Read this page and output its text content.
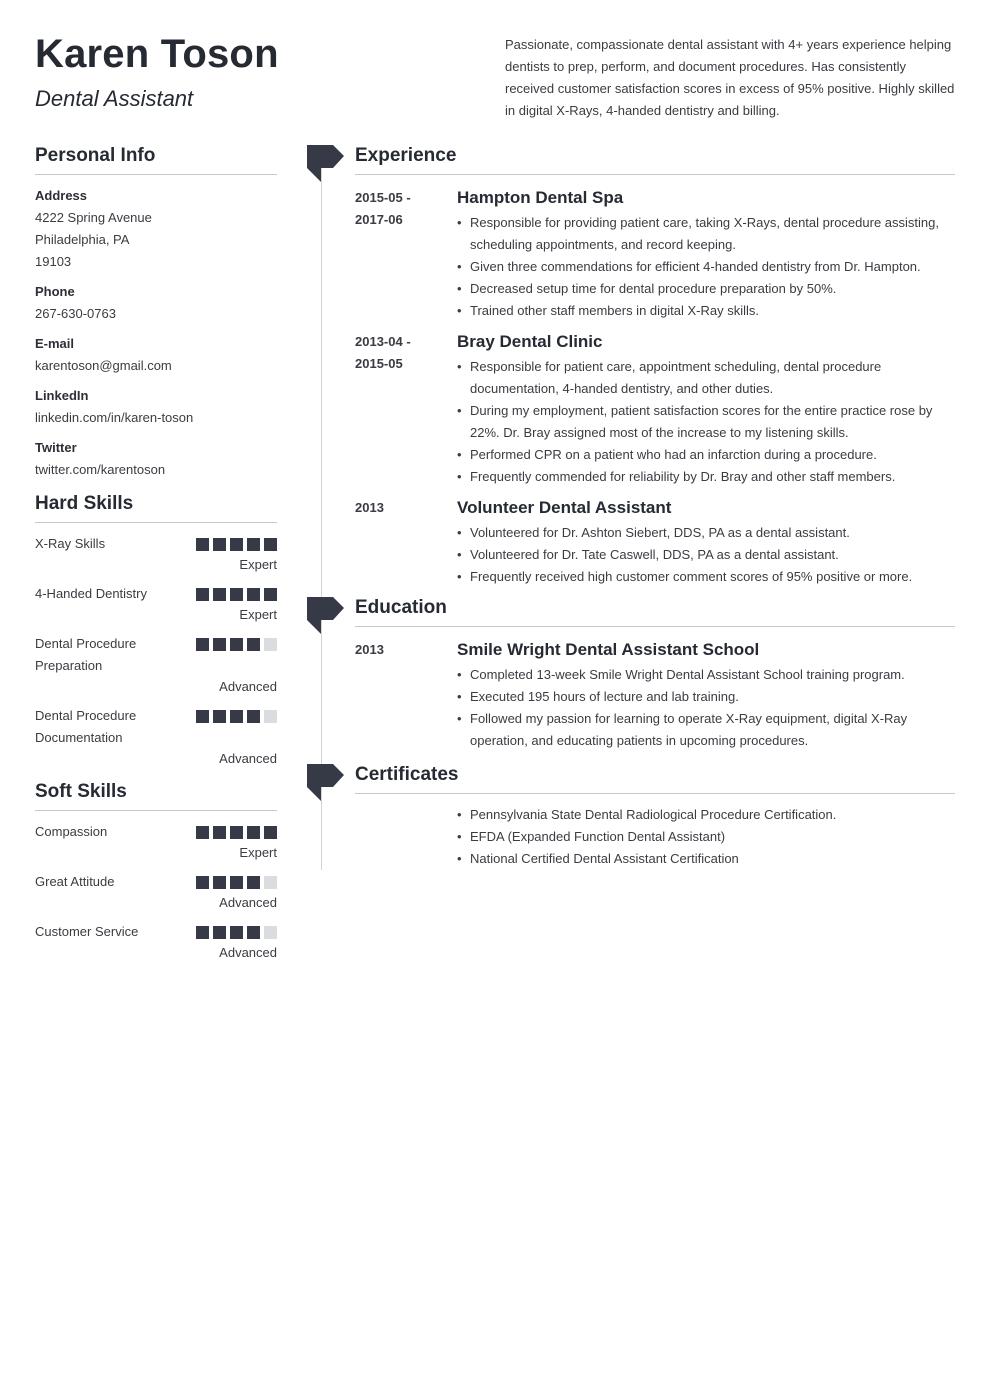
Karen Toson
Dental Assistant
Passionate, compassionate dental assistant with 4+ years experience helping dentists to prep, perform, and document procedures. Has consistently received customer satisfaction scores in excess of 95% positive. Highly skilled in digital X-Rays, 4-handed dentistry and billing.
Personal Info
Address
4222 Spring Avenue
Philadelphia, PA
19103
Phone
267-630-0763
E-mail
karentoson@gmail.com
LinkedIn
linkedin.com/in/karen-toson
Twitter
twitter.com/karentoson
Hard Skills
X-Ray Skills
Expert
4-Handed Dentistry
Expert
Dental Procedure Preparation
Advanced
Dental Procedure Documentation
Advanced
Soft Skills
Compassion
Expert
Great Attitude
Advanced
Customer Service
Advanced
Experience
2015-05 - 2017-06
Hampton Dental Spa
• Responsible for providing patient care, taking X-Rays, dental procedure assisting, scheduling appointments, and record keeping.
• Given three commendations for efficient 4-handed dentistry from Dr. Hampton.
• Decreased setup time for dental procedure preparation by 50%.
• Trained other staff members in digital X-Ray skills.
2013-04 - 2015-05
Bray Dental Clinic
• Responsible for patient care, appointment scheduling, dental procedure documentation, 4-handed dentistry, and other duties.
• During my employment, patient satisfaction scores for the entire practice rose by 22%. Dr. Bray assigned most of the increase to my listening skills.
• Performed CPR on a patient who had an infarction during a procedure.
• Frequently commended for reliability by Dr. Bray and other staff members.
2013	Volunteer Dental Assistant
• Volunteered for Dr. Ashton Siebert, DDS, PA as a dental assistant.
• Volunteered for Dr. Tate Caswell, DDS, PA as a dental assistant.
• Frequently received high customer comment scores of 95% positive or more.
Education
2013	Smile Wright Dental Assistant School
• Completed 13-week Smile Wright Dental Assistant School training program.
• Executed 195 hours of lecture and lab training.
• Followed my passion for learning to operate X-Ray equipment, digital X-Ray operation, and educating patients in upcoming procedures.
Certificates
• Pennsylvania State Dental Radiological Procedure Certification.
• EFDA (Expanded Function Dental Assistant)
• National Certified Dental Assistant Certification
